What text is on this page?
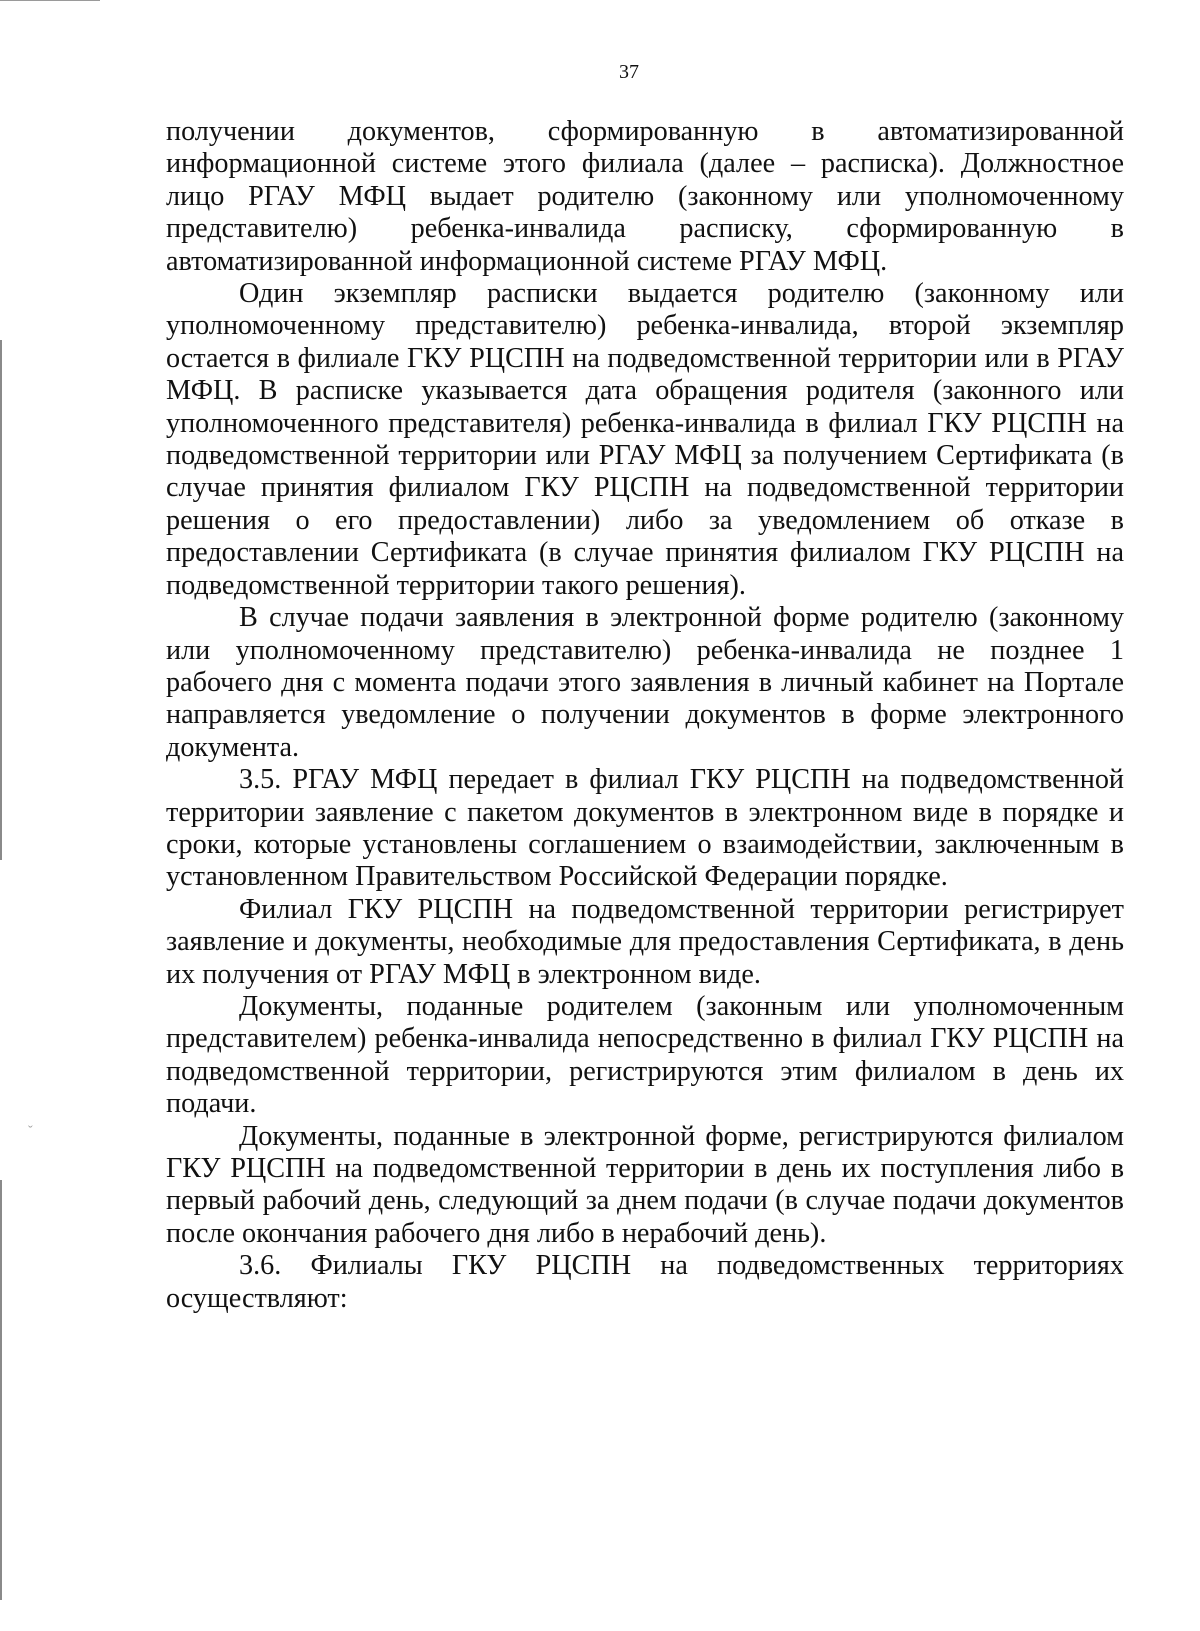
ˇ
37

получении документов, сформированную в автоматизированной информационной системе этого филиала (далее – расписка). Должностное лицо РГАУ МФЦ выдает родителю (законному или уполномоченному представителю) ребенка-инвалида расписку, сформированную в автоматизированной информационной системе РГАУ МФЦ.

Один экземпляр расписки выдается родителю (законному или уполномоченному представителю) ребенка-инвалида, второй экземпляр остается в филиале ГКУ РЦСПН на подведомственной территории или в РГАУ МФЦ. В расписке указывается дата обращения родителя (законного или уполномоченного представителя) ребенка-инвалида в филиал ГКУ РЦСПН на подведомственной территории или РГАУ МФЦ за получением Сертификата (в случае принятия филиалом ГКУ РЦСПН на подведомственной территории решения о его предоставлении) либо за уведомлением об отказе в предоставлении Сертификата (в случае принятия филиалом ГКУ РЦСПН на подведомственной территории такого решения).

В случае подачи заявления в электронной форме родителю (законному или уполномоченному представителю) ребенка-инвалида не позднее 1 рабочего дня с момента подачи этого заявления в личный кабинет на Портале направляется уведомление о получении документов в форме электронного документа.

3.5. РГАУ МФЦ передает в филиал ГКУ РЦСПН на подведомственной территории заявление с пакетом документов в электронном виде в порядке и сроки, которые установлены соглашением о взаимодействии, заключенным в установленном Правительством Российской Федерации порядке.

Филиал ГКУ РЦСПН на подведомственной территории регистрирует заявление и документы, необходимые для предоставления Сертификата, в день их получения от РГАУ МФЦ в электронном виде.

Документы, поданные родителем (законным или уполномоченным представителем) ребенка-инвалида непосредственно в филиал ГКУ РЦСПН на подведомственной территории, регистрируются этим филиалом в день их подачи.

Документы, поданные в электронной форме, регистрируются филиалом ГКУ РЦСПН на подведомственной территории в день их поступления либо в первый рабочий день, следующий за днем подачи (в случае подачи документов после окончания рабочего дня либо в нерабочий день).

3.6. Филиалы ГКУ РЦСПН на подведомственных территориях осуществляют:
